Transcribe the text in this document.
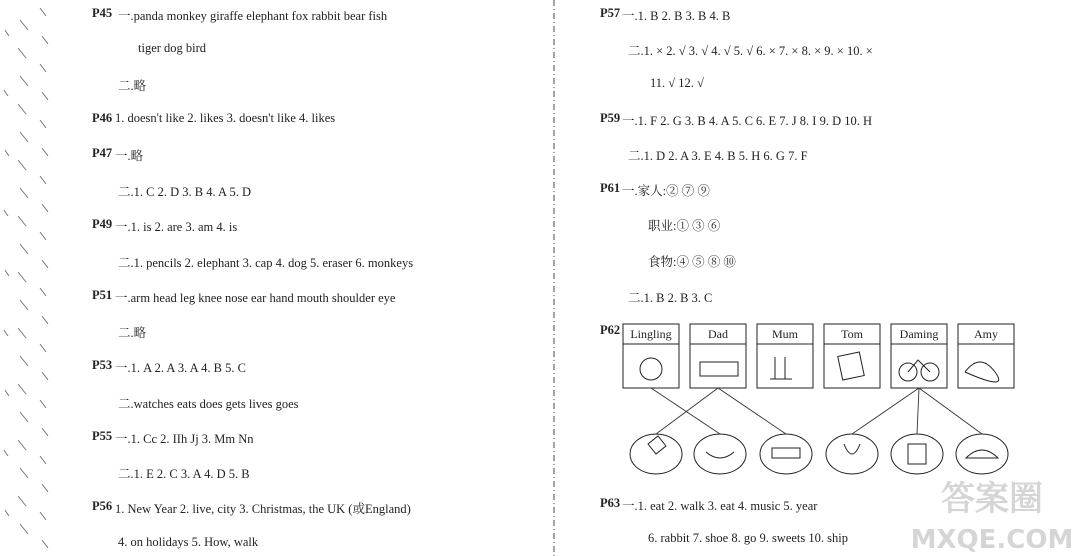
P45 一.panda monkey giraffe elephant fox rabbit bear fish
tiger dog bird
二.略
P46 1. doesn't like 2. likes 3. doesn't like 4. likes
P47 一.略
二.1. C 2. D 3. B 4. A 5. D
P49 一.1. is 2. are 3. am 4. is
二.1. pencils 2. elephant 3. cap 4. dog 5. eraser 6. monkeys
P51 一.arm head leg knee nose ear hand mouth shoulder eye
二.略
P53 一.1. A 2. A 3. A 4. B 5. C
二.watches eats does gets lives goes
P55 一.1. Cc 2. IIh Jj 3. Mm Nn
二.1. E 2. C 3. A 4. D 5. B
P56 1. New Year 2. live, city 3. Christmas, the UK (或England)
4. on holidays 5. How, walk
P57 一.1. B 2. B 3. B 4. B
二.1. × 2. √ 3. √ 4. √ 5. √ 6. × 7. × 8. × 9. × 10. ×
11. √ 12. √
P59 一.1. F 2. G 3. B 4. A 5. C 6. E 7. J 8. I 9. D 10. H
二.1. D 2. A 3. E 4. B 5. H 6. G 7. F
P61 一.家人:② ⑦ ⑨
职业:① ③ ⑥
食物:④ ⑤ ⑧ ⑩
二.1. B 2. B 3. C
P62 Lingling	Dad	Mum	Tom	Daming	Amy
P63 一.1. eat 2. walk 3. eat 4. music 5. year
6. rabbit 7. shoe 8. go 9. sweets 10. ship
答案圈
MXQE.COM
